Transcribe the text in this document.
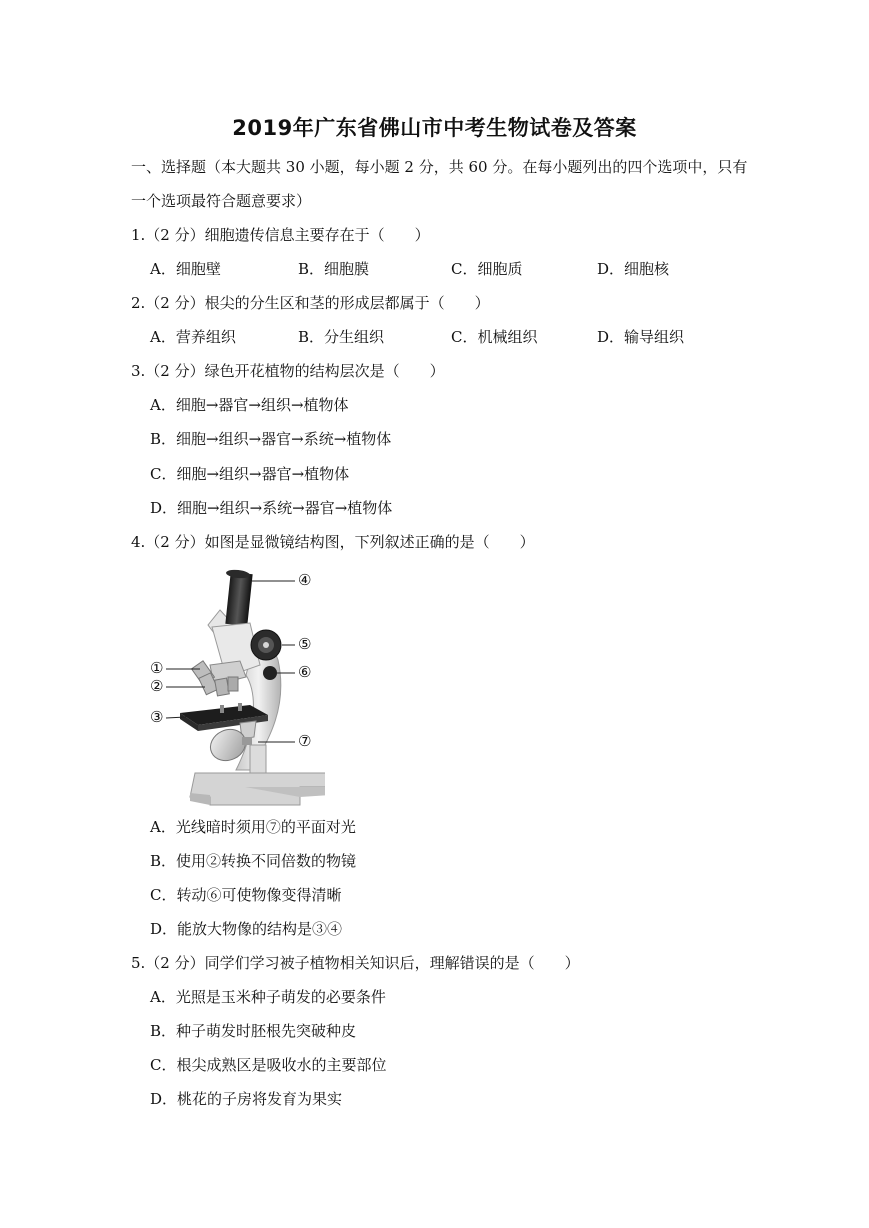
2019年广东省佛山市中考生物试卷及答案
一、选择题（本大题共 30 小题，每小题 2 分，共 60 分。在每小题列出的四个选项中，只有
一个选项最符合题意要求）
1.（2 分）细胞遗传信息主要存在于（　　）
A．细胞壁	B．细胞膜	C．细胞质	D．细胞核
2.（2 分）根尖的分生区和茎的形成层都属于（　　）
A．营养组织	B．分生组织	C．机械组织	D．输导组织
3.（2 分）绿色开花植物的结构层次是（　　）
A．细胞→器官→组织→植物体
B．细胞→组织→器官→系统→植物体
C．细胞→组织→器官→植物体
D．细胞→组织→系统→器官→植物体
4.（2 分）如图是显微镜结构图，下列叙述正确的是（　　）
④
⑤
⑥
①
②
③
⑦
A．光线暗时须用⑦的平面对光
B．使用②转换不同倍数的物镜
C．转动⑥可使物像变得清晰
D．能放大物像的结构是③④
5.（2 分）同学们学习被子植物相关知识后，理解错误的是（　　）
A．光照是玉米种子萌发的必要条件
B．种子萌发时胚根先突破种皮
C．根尖成熟区是吸收水的主要部位
D．桃花的子房将发育为果实
